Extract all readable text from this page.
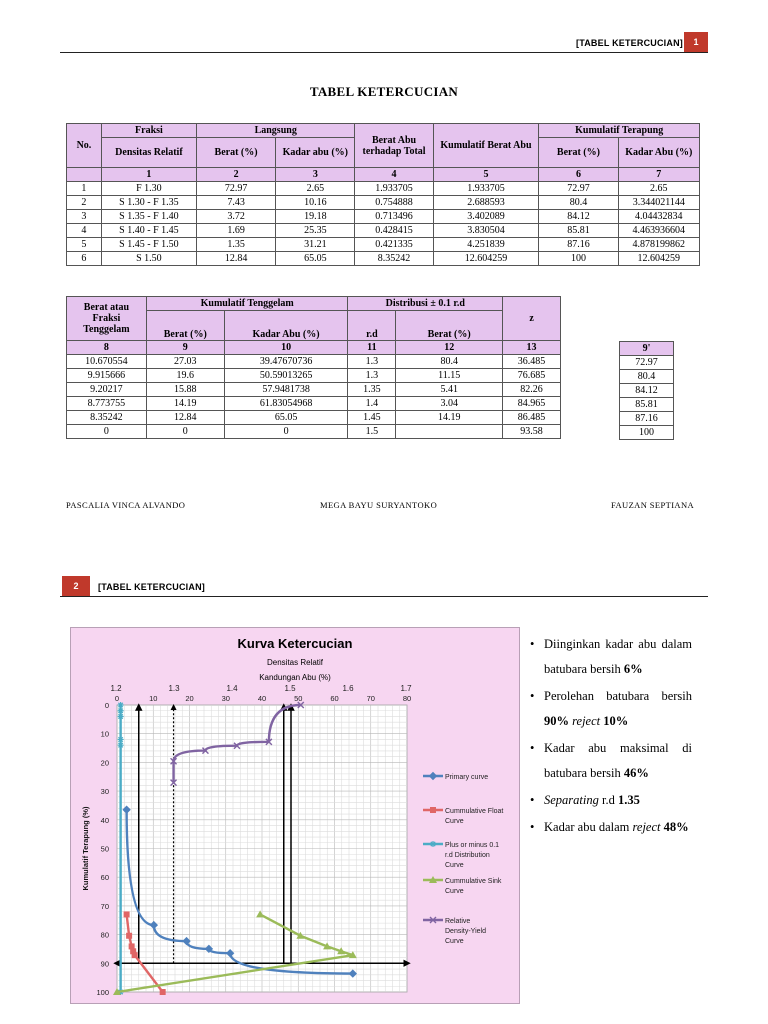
[TABEL KETERCUCIAN]	1
TABEL KETERCUCIAN
No.	Fraksi	Langsung		Berat Abu terhadap Total	Kumulatif Berat Abu	Kumulatif Terapung	
	Densitas Relatif	Berat (%)	Kadar abu (%)			Berat (%)	Kadar Abu (%)
	1	2	3	4	5	6	7
1	F 1.30	72.97	2.65	1.933705	1.933705	72.97	2.65
2	S 1.30 - F 1.35	7.43	10.16	0.754888	2.688593	80.4	3.344021144
3	S 1.35 - F 1.40	3.72	19.18	0.713496	3.402089	84.12	4.04432834
4	S 1.40 - F 1.45	1.69	25.35	0.428415	3.830504	85.81	4.463936604
5	S 1.45 - F 1.50	1.35	31.21	0.421335	4.251839	87.16	4.878199862
6	S 1.50	12.84	65.05	8.35242	12.604259	100	12.604259
Berat atau Fraksi Tenggelam	Kumulatif Tenggelam		Distribusi ± 0.1 r.d		z
	Berat (%)	Kadar Abu (%)	r.d	Berat (%)	
8	9	10	11	12	13
10.670554	27.03	39.47670736	1.3	80.4	36.485
9.915666	19.6	50.59013265	1.3	11.15	76.685
9.20217	15.88	57.9481738	1.35	5.41	82.26
8.773755	14.19	61.83054968	1.4	3.04	84.965
8.35242	12.84	65.05	1.45	14.19	86.485
0	0	0	1.5		93.58
9'
72.97
80.4
84.12
85.81
87.16
100
PASCALIA VINCA ALVANDO	MEGA BAYU SURYANTOKO	FAUZAN SEPTIANA
2	[TABEL KETERCUCIAN]
Kurva Ketercucian
Densitas Relatif
Kandungan Abu (%)
1.2	1.3	1.4	1.5	1.6	1.7
0	10	20	30	40	50	60	70	80
0
10
20
30
40
50
60
70
80
90
100
Kumulatif Terapung (%)
Primary curve
Cummulative Float
Curve
Plus or minus 0.1
r.d Distribution
Curve
Cummulative Sink
Curve
Relative
Density-Yield
Curve
• Diinginkan kadar abu dalam batubara bersih 6%
• Perolehan batubara bersih 90% reject 10%
• Kadar abu maksimal di batubara bersih 46%
• Separating r.d 1.35
• Kadar abu dalam reject 48%
